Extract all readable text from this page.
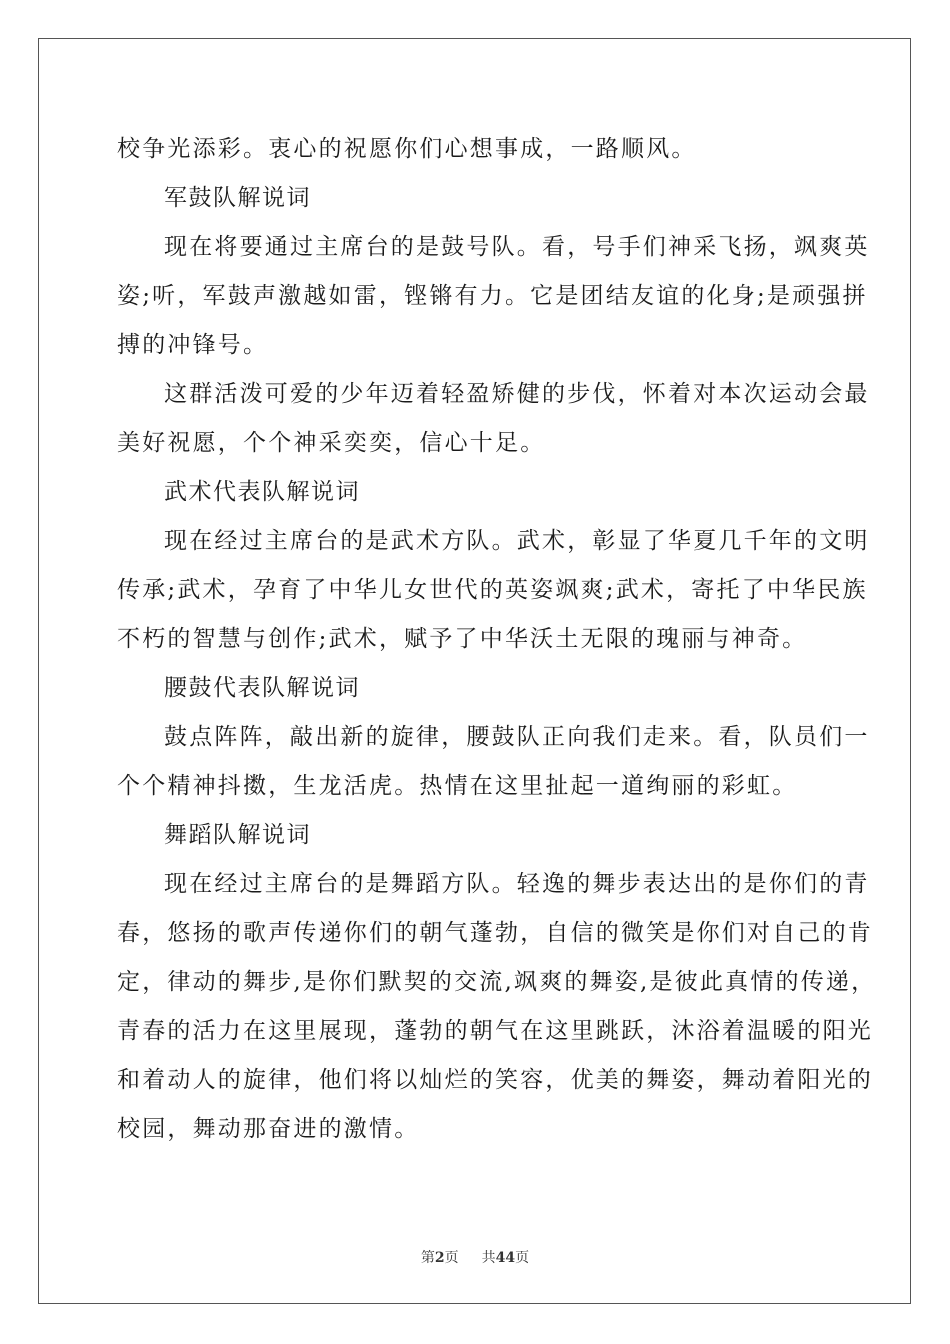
校争光添彩。衷心的祝愿你们心想事成，一路顺风。
军鼓队解说词
现在将要通过主席台的是鼓号队。看，号手们神采飞扬，飒爽英
姿;听，军鼓声激越如雷，铿锵有力。它是团结友谊的化身;是顽强拼
搏的冲锋号。
这群活泼可爱的少年迈着轻盈矫健的步伐，怀着对本次运动会最
美好祝愿，个个神采奕奕，信心十足。
武术代表队解说词
现在经过主席台的是武术方队。武术，彰显了华夏几千年的文明
传承;武术，孕育了中华儿女世代的英姿飒爽;武术，寄托了中华民族
不朽的智慧与创作;武术，赋予了中华沃土无限的瑰丽与神奇。
腰鼓代表队解说词
鼓点阵阵，敲出新的旋律，腰鼓队正向我们走来。看，队员们一
个个精神抖擞，生龙活虎。热情在这里扯起一道绚丽的彩虹。
舞蹈队解说词
现在经过主席台的是舞蹈方队。轻逸的舞步表达出的是你们的青
春，悠扬的歌声传递你们的朝气蓬勃，自信的微笑是你们对自己的肯
定，律动的舞步,是你们默契的交流,飒爽的舞姿,是彼此真情的传递，
青春的活力在这里展现，蓬勃的朝气在这里跳跃，沐浴着温暖的阳光
和着动人的旋律，他们将以灿烂的笑容，优美的舞姿，舞动着阳光的
校园，舞动那奋进的激情。
第2页 共44页
